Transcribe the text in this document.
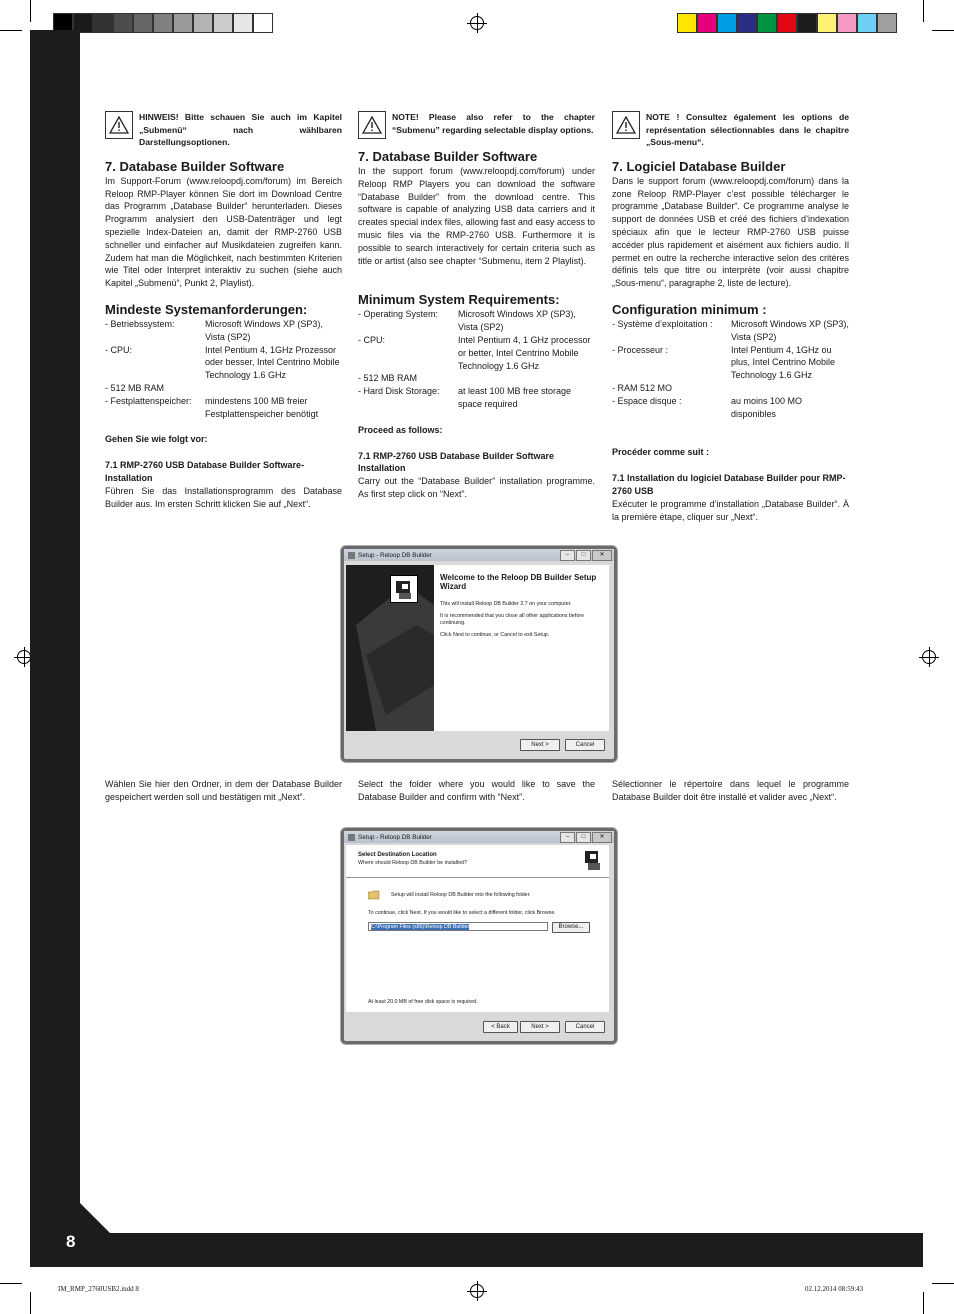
8
IM_RMP_2760USB2.indd 8	02.12.2014 08:59:43
HINWEIS! Bitte schauen Sie auch im Kapitel „Submenü“ nach wählbaren Darstellungsoptionen.
7. Database Builder Software

Im Support-Forum (www.reloopdj.com/forum) im Bereich Reloop RMP-Player können Sie dort im Download Centre das Programm „Database Builder“ herunterladen. Dieses Programm analysiert den USB-Datenträger und legt spezielle Index-Dateien an, damit der RMP-2760 USB schneller und einfacher auf Musikdateien zugreifen kann. Zudem hat man die Möglichkeit, nach bestimmten Kriterien wie Titel oder Interpret interaktiv zu suchen (siehe auch Kapitel „Submenü“, Punkt 2, Playlist).

Mindeste Systemanforderungen:
- Betriebssystem:	Microsoft Windows XP (SP3), Vista (SP2)
- CPU:	Intel Pentium 4, 1GHz Prozessor oder besser, Intel Centrino Mobile Technology 1.6 GHz
- 512 MB RAM
- Festplattenspeicher:	mindestens 100 MB freier Festplattenspeicher benötigt

Gehen Sie wie folgt vor:

7.1 RMP-2760 USB Database Builder Software-Installation

Führen Sie das Installationsprogramm des Database Builder aus. Im ersten Schritt klicken Sie auf „Next“.

NOTE! Please also refer to the chapter “Submenu” regarding selectable display options.
7. Database Builder Software

In the support forum (www.reloopdj.com/forum) under Reloop RMP Players you can download the software “Database Builder” from the download centre. This software is capable of analyzing USB data carriers and it creates special index files, allowing fast and easy access to music files via the RMP-2760 USB. Furthermore it is possible to search interactively for certain criteria such as title or artist (also see chapter “Submenu, item 2 Playlist).

Minimum System Requirements:
- Operating System:	Microsoft Windows XP (SP3), Vista (SP2)
- CPU:	Intel Pentium 4, 1 GHz processor or better, Intel Centrino Mobile Technology 1.6 GHz
- 512 MB RAM
- Hard Disk Storage:	at least 100 MB free storage space required

Proceed as follows:

7.1 RMP-2760 USB Database Builder Software Installation

Carry out the “Database Builder” installation programme. As first step click on “Next”.

NOTE ! Consultez également les options de représentation sélectionnables dans le chapitre „Sous-menu“.
7. Logiciel Database Builder

Dans le support forum (www.reloopdj.com/forum) dans la zone Reloop RMP-Player c’est possible télécharger le programme „Database Builder“. Ce programme analyse le support de données USB et créé des fichiers d’indexation spéciaux afin que le lecteur RMP-2760 USB puisse accéder plus rapidement et aisément aux fichiers audio. Il permet en outre la recherche interactive selon des critères définis tels que titre ou interprète (voir aussi chapitre „Sous-menu“, paragraphe 2, liste de lecture).

Configuration minimum :
- Système d’exploitation :	Microsoft Windows XP (SP3), Vista (SP2)
- Processeur :	Intel Pentium 4, 1GHz ou plus, Intel Centrino Mobile Technology 1.6 GHz
- RAM 512 MO
- Espace disque :	au moins 100 MO disponibles

Procéder comme suit :

7.1 Installation du logiciel Database Builder pour RMP-2760 USB

Exécuter le programme d’installation „Database Builder“. À la première étape, cliquer sur „Next“.

Setup - Reloop DB Builder	–	□	✕
Welcome to the Reloop DB Builder Setup Wizard
This will install Reloop DB Builder 2.7 on your computer.
It is recommended that you close all other applications before continuing.
Click Next to continue, or Cancel to exit Setup.
Next >	Cancel

Wählen Sie hier den Ordner, in dem der Database Builder gespeichert werden soll und bestätigen mit „Next“.

Select the folder where you would like to save the Database Builder and confirm with “Next”.

Sélectionner le répertoire dans lequel le programme Database Builder doit être installé et valider avec „Next“.

Setup - Reloop DB Builder	–	□	✕
Select Destination Location
Where should Reloop DB Builder be installed?
Setup will install Reloop DB Builder into the following folder.
To continue, click Next. If you would like to select a different folder, click Browse.
C:\Program Files (x86)\Reloop DB Builder	Browse...
At least 20.0 MB of free disk space is required.
< Back	Next >	Cancel
